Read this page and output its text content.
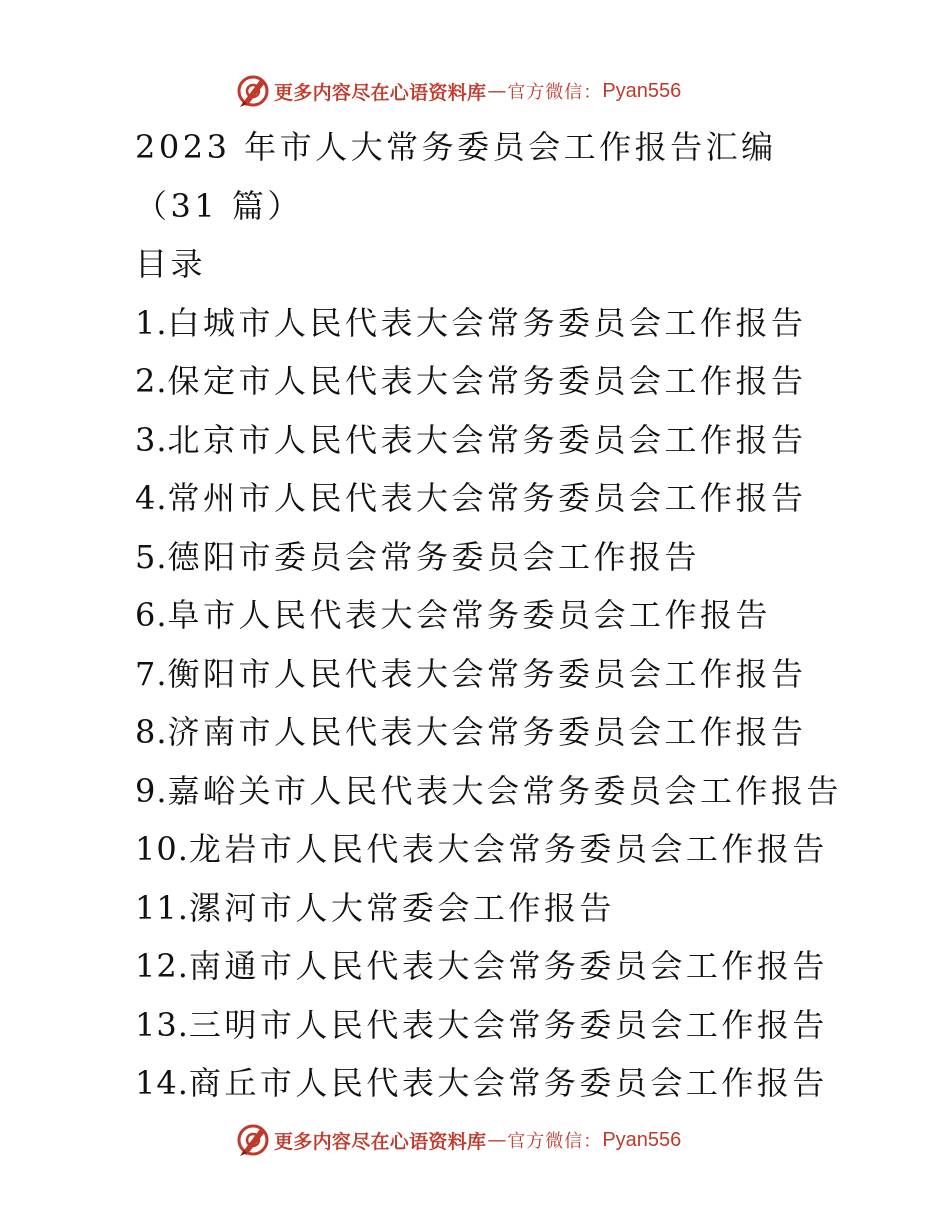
更多内容尽在心语资料库 — 官方微信： Pyan556
2023 年市人大常务委员会工作报告汇编
（31 篇）
目录
1.白城市人民代表大会常务委员会工作报告
2.保定市人民代表大会常务委员会工作报告
3.北京市人民代表大会常务委员会工作报告
4.常州市人民代表大会常务委员会工作报告
5.德阳市委员会常务委员会工作报告
6.阜市人民代表大会常务委员会工作报告
7.衡阳市人民代表大会常务委员会工作报告
8.济南市人民代表大会常务委员会工作报告
9.嘉峪关市人民代表大会常务委员会工作报告
10.龙岩市人民代表大会常务委员会工作报告
11.漯河市人大常委会工作报告
12.南通市人民代表大会常务委员会工作报告
13.三明市人民代表大会常务委员会工作报告
14.商丘市人民代表大会常务委员会工作报告
更多内容尽在心语资料库 — 官方微信： Pyan556
